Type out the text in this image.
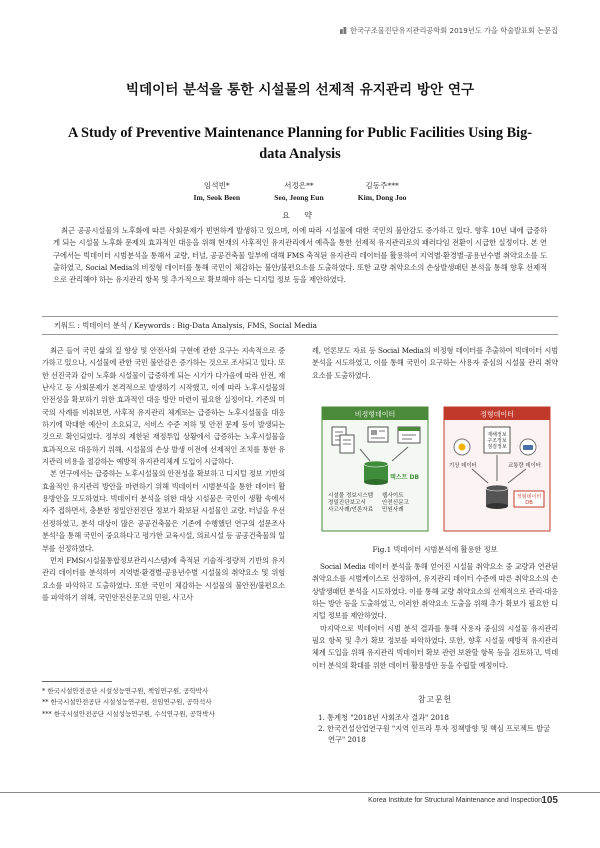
한국구조물진단유지관리공학회 2019년도 가을 학술발표회 논문집
빅데이터 분석을 통한 시설물의 선제적 유지관리 방안 연구
A Study of Preventive Maintenance Planning for Public Facilities Using Big-data Analysis
임석빈*
Im, Seok Been
서정은**
Seo, Jeong Eun
김동주***
Kim, Dong Joo
요 약
최근 공공시설물의 노후화에 따른 사회문제가 빈번하게 발생하고 있으며, 이에 따라 시설물에 대한 국민의 불안감도 증가하고 있다. 향후 10년 내에 급증하게 되는 시설물 노후화 문제의 효과적인 대응을 위해 현재의 사후적인 유지관리에서 예측을 통한 선제적 유지관리로의 패러다임 전환이 시급한 실정이다. 본 연구에서는 빅데이터 시범분석을 통해서 교량, 터널, 공공건축물 일부에 대해 FMS 축적된 유지관리 데이터를 활용하여 지역별·환경별·공용년수별 취약요소를 도출하였고, Social Media의 비정형 데이터를 통해 국민이 체감하는 불안/불편요소를 도출하였다. 또한 교량 취약요소의 손상발생패턴 분석을 통해 향후 선제적으로 관리해야 하는 유지관리 항목 및 추가적으로 확보해야 하는 디지털 정보 등을 제안하였다.
키워드 : 빅데이터 분석 / Keywords : Big-Data Analysis, FMS, Social Media

최근 들어 국민 삶의 질 향상 및 안전사회 구현에 관한 요구는 지속적으로 증가하고 있으나, 시설물에 관한 국민 불안감은 증가하는 것으로 조사되고 있다. 또한 선진국과 같이 노후화 시설물이 급증하게 되는 시기가 다가옴에 따라 안전, 재난사고 등 사회문제가 본격적으로 발생하기 시작했고, 이에 따라 노후시설물의 안전성을 확보하기 위한 효과적인 대응 방안 마련이 필요한 실정이다. 기존의 미국의 사례를 비춰보면, 사후적 유지관리 체계로는 급증하는 노후시설물을 대응하기에 막대한 예산이 소요되고, 서비스 수준 저하 및 안전 문제 등이 발생되는 것으로 확인되었다. 정부의 제한된 재정투입 상황에서 급증하는 노후시설물을 효과적으로 대응하기 위해, 시설물의 손상 발생 이전에 선제적인 조치를 통한 유지관리 비용을 절감하는 예방적 유지관리체계 도입이 시급하다.

본 연구에서는 급증하는 노후시설물의 안전성을 확보하고 디지털 정보 기반의 효율적인 유지관리 방안을 마련하기 위해 빅데이터 시범분석을 통한 데이터 활용방안을 모도하였다. 빅데이터 분석을 위한 대상 시설물은 국민이 생활 속에서 자주 접하면서, 충분한 정밀안전진단 정보가 확보된 시설물인 교량, 터널을 우선 선정하였고, 분석 대상이 많은 공공건축물은 기존에 수행했던 연구의 설문조사 분석²을 통해 국민이 중요하다고 평가한 교육시설, 의료시설 등 공공건축물의 일부를 선정하였다.

먼저 FMS(시설물통합정보관리시스템)에 축적된 기술적·정량적 기반의 유지관리 데이터를 분석하여 지역별·환경별·공용년수별 시설물의 취약요소 및 위험요소를 파악하고 도출하였다. 또한 국민이 체감하는 시설물의 불안전/불편요소를 파악하기 위해, 국민안전신문고의 민원, 사고사

례, 언론보도 자료 등 Social Media의 비정형 데이터를 추출하여 빅데이터 시범분석을 시도하였고, 이를 통해 국민이 요구하는 사용자 중심의 시설물 관리 취약요소를 도출하였다.

비정형데이터
텍스트 DB
시설물 정보시스템 정밀진단보고서 사고사례/언론자료
웹사이트 안전신문고 민원사례
정형데이터
재해정보 구조정보 점검정보
기상 데이터	교통량 데이터
정형데이터 DB
Fig.1 빅데이터 시범분석에 활용한 정보

Social Media 데이터 분석을 통해 얻어진 시설물 취약요소 중 교량과 연관된 취약요소를 시범케이스로 선정하여, 유지관리 데이터 수준에 따른 취약요소의 손상발생패턴 분석을 시도하였다. 이를 통해 교량 취약요소의 선제적으로 관리·대응하는 방안 등을 도출하였고, 이러한 취약요소 도출을 위해 추가 확보가 필요한 디지털 정보를 제안하였다.

마지막으로 빅데이터 시범 분석 결과를 통해 사용자 중심의 시설물 유지관리 필요 항목 및 추가 확보 정보를 파악하였다. 또한, 향후 시설물 예방적 유지관리 체계 도입을 위해 유지관리 빅데이터 확보 관련 보완할 항목 등을 검토하고, 빅데이터 분석의 확대를 위한 데이터 활용방안 등을 수립할 예정이다.

참고문헌
1. 통계청 "2018년 사회조사 결과" 2018
2. 한국건설산업연구원 "지역 인프라 투자 정책방향 및 핵심 프로젝트 발굴 연구" 2018
* 한국시설안전공단 시설성능연구원, 책임연구원, 공학박사
** 한국시설안전공단 시설성능연구원, 선임연구원, 공학석사
*** 한국시설안전공단 시설성능연구원, 수석연구원, 공학박사
Korea Institute for Structural Maintenance and Inspection 105
